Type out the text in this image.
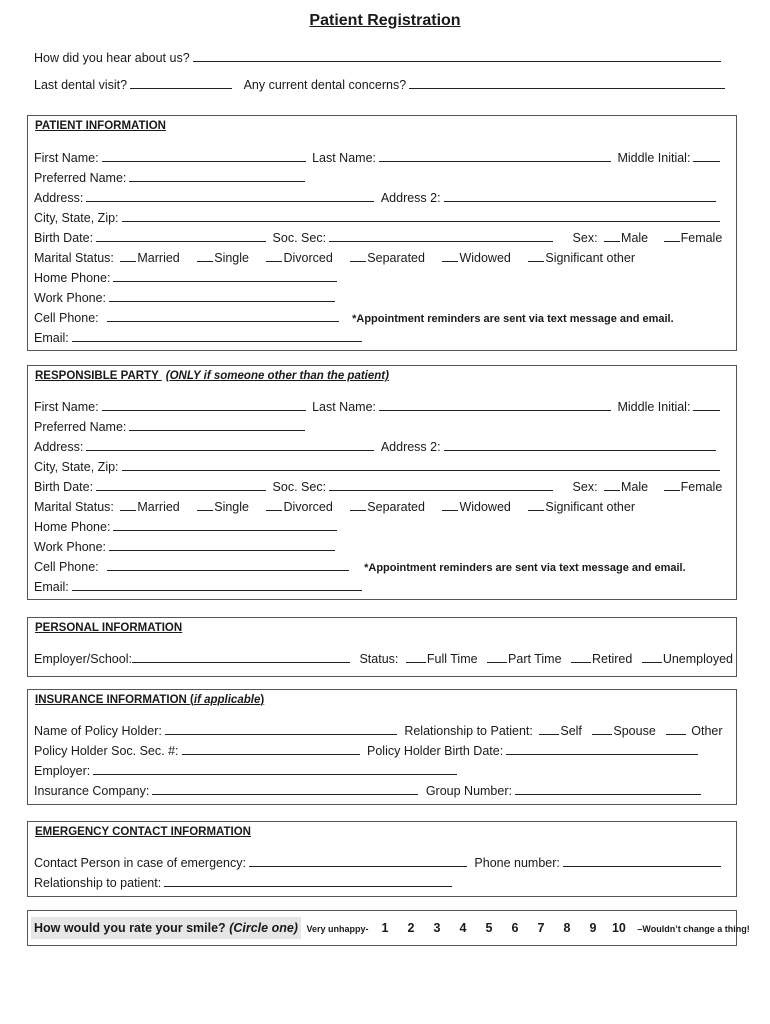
Patient Registration
How did you hear about us?
Last dental visit?	Any current dental concerns?
PATIENT INFORMATION
First Name:	Last Name:	Middle Initial:
Preferred Name:
Address:	Address 2:
City, State, Zip:
Birth Date:	Soc. Sec:	Sex: Male	Female
Marital Status: Married	Single	Divorced	Separated	Widowed	Significant other
Home Phone:
Work Phone:
Cell Phone:	*Appointment reminders are sent via text message and email.
Email:
RESPONSIBLE PARTY (ONLY if someone other than the patient)
First Name:	Last Name:	Middle Initial:
Preferred Name:
Address:	Address 2:
City, State, Zip:
Birth Date:	Soc. Sec:	Sex: Male	Female
Marital Status: Married	Single	Divorced	Separated	Widowed	Significant other
Home Phone:
Work Phone:
Cell Phone:	*Appointment reminders are sent via text message and email.
Email:
PERSONAL INFORMATION
Employer/School:	Status: Full Time Part Time Retired Unemployed
INSURANCE INFORMATION (if applicable)
Name of Policy Holder:	Relationship to Patient: Self	Spouse	Other
Policy Holder Soc. Sec. #:	Policy Holder Birth Date:
Employer:
Insurance Company:	Group Number:
EMERGENCY CONTACT INFORMATION
Contact Person in case of emergency:	Phone number:
Relationship to patient:
How would you rate your smile? (Circle one) Very unhappy- 1 2 3 4 5 6 7 8 9 10 –Wouldn’t change a thing!
